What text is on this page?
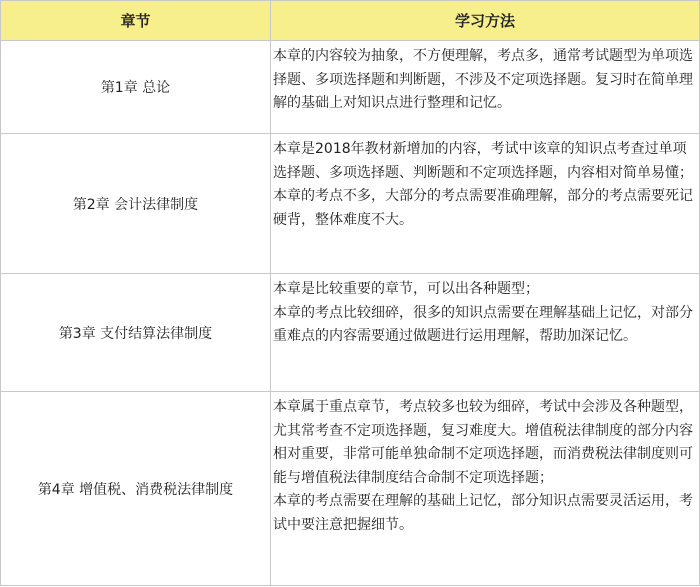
章节	学习方法
第1章 总论	本章的内容较为抽象，不方便理解，考点多，通常考试题型为单项选择题、多项选择题和判断题，不涉及不定项选择题。复习时在简单理解的基础上对知识点进行整理和记忆。

第2章 会计法律制度	本章是2018年教材新增加的内容，考试中该章的知识点考查过单项选择题、多项选择题、判断题和不定项选择题，内容相对简单易懂；
本章的考点不多，大部分的考点需要准确理解，部分的考点需要死记硬背，整体难度不大。

第3章 支付结算法律制度	本章是比较重要的章节，可以出各种题型；
本章的考点比较细碎，很多的知识点需要在理解基础上记忆，对部分重难点的内容需要通过做题进行运用理解，帮助加深记忆。

第4章 增值税、消费税法律制度	本章属于重点章节，考点较多也较为细碎，考试中会涉及各种题型，尤其常考查不定项选择题，复习难度大。增值税法律制度的部分内容相对重要，非常可能单独命制不定项选择题，而消费税法律制度则可能与增值税法律制度结合命制不定项选择题；
本章的考点需要在理解的基础上记忆，部分知识点需要灵活运用，考试中要注意把握细节。
